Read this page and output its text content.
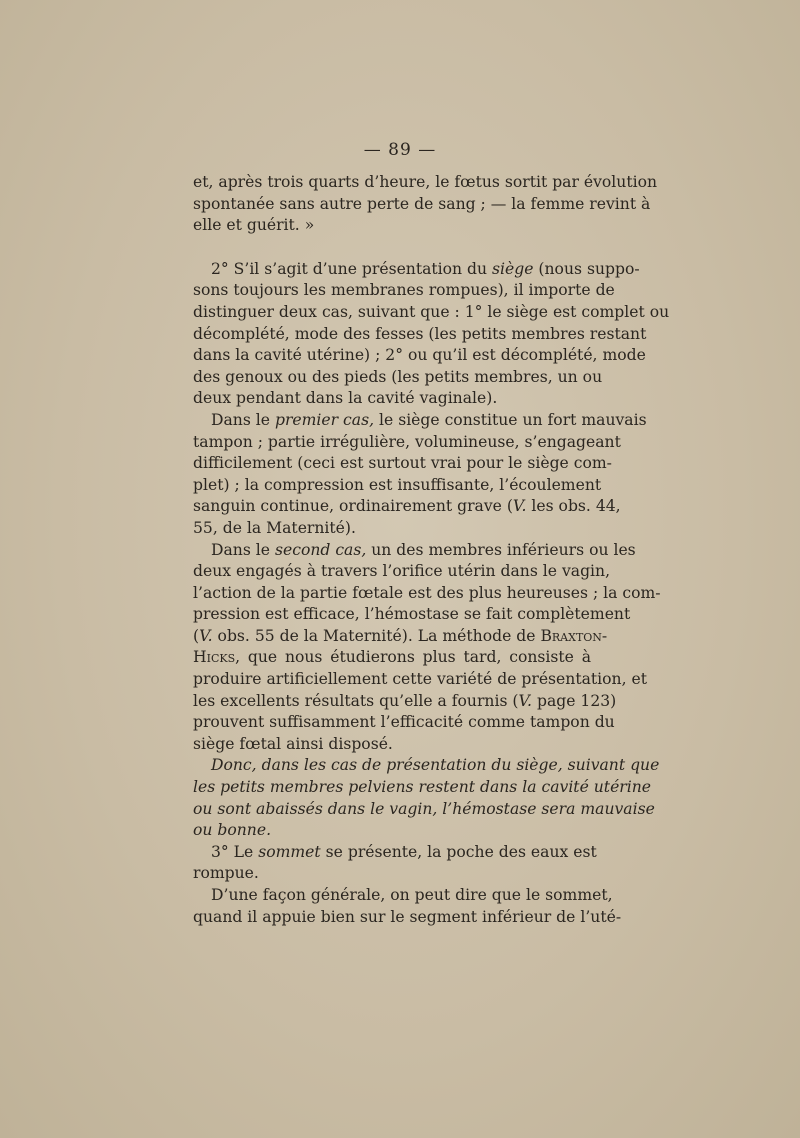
— 89 —
et, après trois quarts d’heure, le fœtus sortit par évolution
spontanée sans autre perte de sang ; — la femme revint à
elle et guérit. »
2° S’il s’agit d’une présentation du siège (nous suppo-
sons toujours les membranes rompues), il importe de
distinguer deux cas, suivant que : 1° le siège est complet ou
décomplété, mode des fesses (les petits membres restant
dans la cavité utérine) ; 2° ou qu’il est décomplété, mode
des genoux ou des pieds (les petits membres, un ou
deux pendant dans la cavité vaginale).
Dans le premier cas, le siège constitue un fort mauvais
tampon ; partie irrégulière, volumineuse, s’engageant
difficilement (ceci est surtout vrai pour le siège com-
plet) ; la compression est insuffisante, l’écoulement
sanguin continue, ordinairement grave (V. les obs. 44,
55, de la Maternité).
Dans le second cas, un des membres inférieurs ou les
deux engagés à travers l’orifice utérin dans le vagin,
l’action de la partie fœtale est des plus heureuses ; la com-
pression est efficace, l’hémostase se fait complètement
(V. obs. 55 de la Maternité). La méthode de Braxton-
Hicks, que nous étudierons plus tard, consiste à
produire artificiellement cette variété de présentation, et
les excellents résultats qu’elle a fournis (V. page 123)
prouvent suffisamment l’efficacité comme tampon du
siège fœtal ainsi disposé.
Donc, dans les cas de présentation du siège, suivant que
les petits membres pelviens restent dans la cavité utérine
ou sont abaissés dans le vagin, l’hémostase sera mauvaise
ou bonne.
3° Le sommet se présente, la poche des eaux est
rompue.
D’une façon générale, on peut dire que le sommet,
quand il appuie bien sur le segment inférieur de l’uté-
